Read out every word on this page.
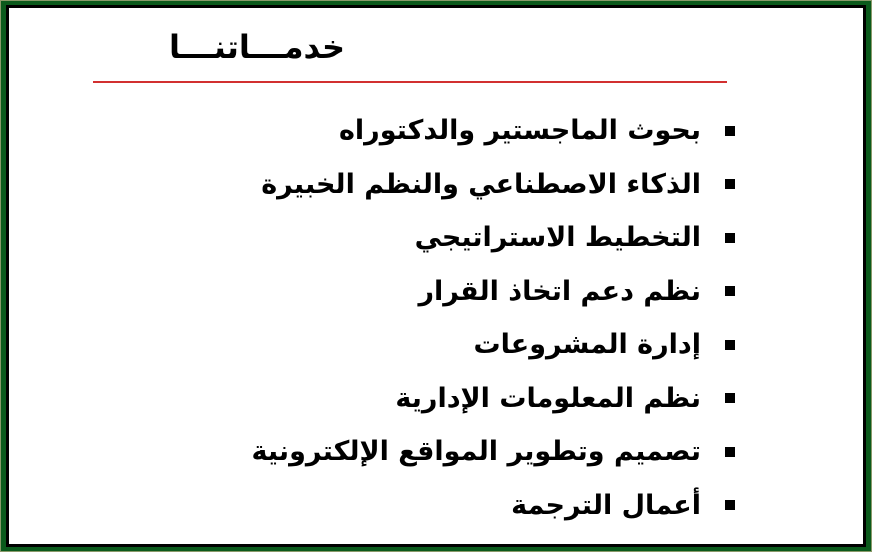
خدمـــاتنـــا
بحوث الماجستير والدكتوراه
الذكاء الاصطناعي والنظم الخبيرة
التخطيط الاستراتيجي
نظم دعم اتخاذ القرار
إدارة المشروعات
نظم المعلومات الإدارية
تصميم وتطوير المواقع الإلكترونية
أعمال الترجمة
